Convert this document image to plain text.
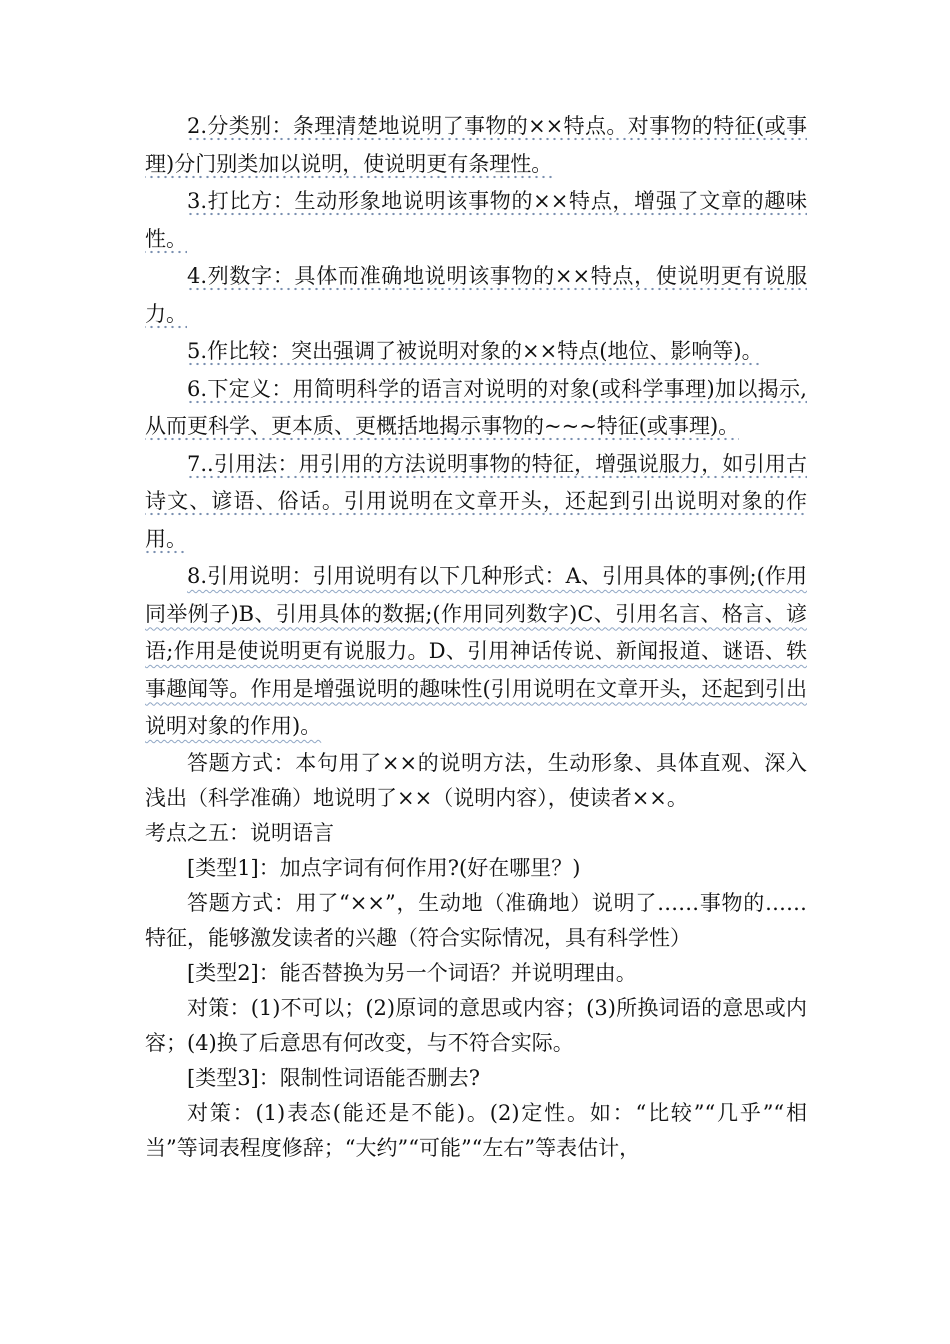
2.分类别：条理清楚地说明了事物的××特点。对事物的特征(或事理)分门别类加以说明，使说明更有条理性。

3.打比方：生动形象地说明该事物的××特点，增强了文章的趣味性。

4.列数字：具体而准确地说明该事物的××特点，使说明更有说服力。

5.作比较：突出强调了被说明对象的××特点(地位、影响等)。

6.下定义：用简明科学的语言对说明的对象(或科学事理)加以揭示,从而更科学、更本质、更概括地揭示事物的~~~特征(或事理)。

7..引用法：用引用的方法说明事物的特征，增强说服力，如引用古诗文、谚语、俗话。引用说明在文章开头，还起到引出说明对象的作用。

8.引用说明：引用说明有以下几种形式：A、引用具体的事例;(作用同举例子)B、引用具体的数据;(作用同列数字)C、引用名言、格言、谚语;作用是使说明更有说服力。D、引用神话传说、新闻报道、谜语、轶事趣闻等。作用是增强说明的趣味性(引用说明在文章开头，还起到引出说明对象的作用)。

答题方式：本句用了××的说明方法，生动形象、具体直观、深入浅出（科学准确）地说明了××（说明内容），使读者××。

考点之五：说明语言

[类型1]：加点字词有何作用?(好在哪里？)

答题方式：用了“××”，生动地（准确地）说明了……事物的……特征，能够激发读者的兴趣（符合实际情况，具有科学性）

[类型2]：能否替换为另一个词语？并说明理由。

对策：(1)不可以；(2)原词的意思或内容；(3)所换词语的意思或内容；(4)换了后意思有何改变，与不符合实际。

[类型3]：限制性词语能否删去?

对策：(1)表态(能还是不能)。(2)定性。如：“比较”“几乎”“相当”等词表程度修辞；“大约”“可能”“左右”等表估计，
